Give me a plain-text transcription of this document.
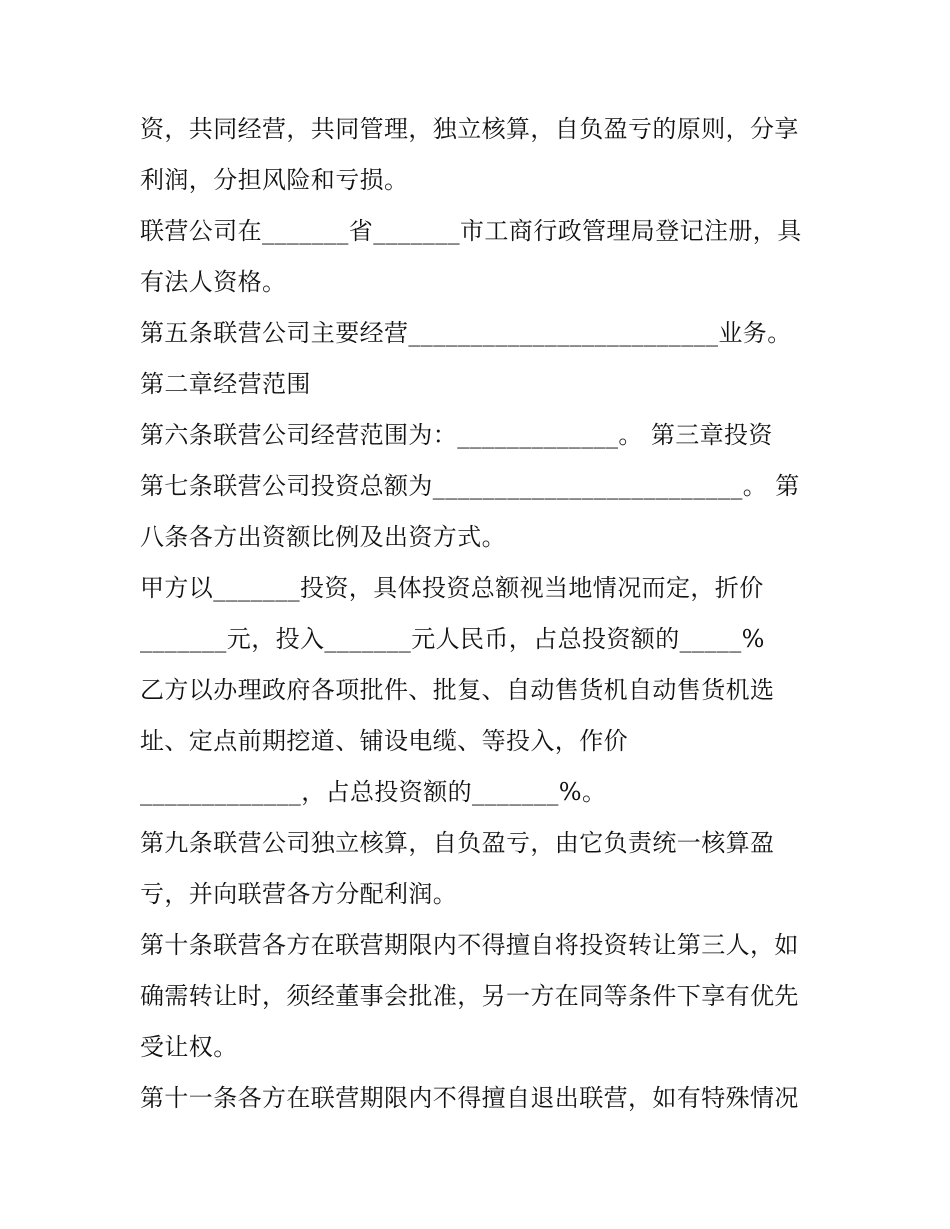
资，共同经营，共同管理，独立核算，自负盈亏的原则，分享
利润，分担风险和亏损。
联营公司在_______省_______市工商行政管理局登记注册，具
有法人资格。
第五条联营公司主要经营_________________________业务。
第二章经营范围
第六条联营公司经营范围为：_____________。 第三章投资
第七条联营公司投资总额为_________________________。 第
八条各方出资额比例及出资方式。
甲方以_______投资，具体投资总额视当地情况而定，折价
_______元，投入_______元人民币，占总投资额的_____%
乙方以办理政府各项批件、批复、自动售货机自动售货机选
址、定点前期挖道、铺设电缆、等投入，作价
_____________，占总投资额的_______%。
第九条联营公司独立核算，自负盈亏，由它负责统一核算盈
亏，并向联营各方分配利润。
第十条联营各方在联营期限内不得擅自将投资转让第三人，如
确需转让时，须经董事会批准，另一方在同等条件下享有优先
受让权。
第十一条各方在联营期限内不得擅自退出联营，如有特殊情况
